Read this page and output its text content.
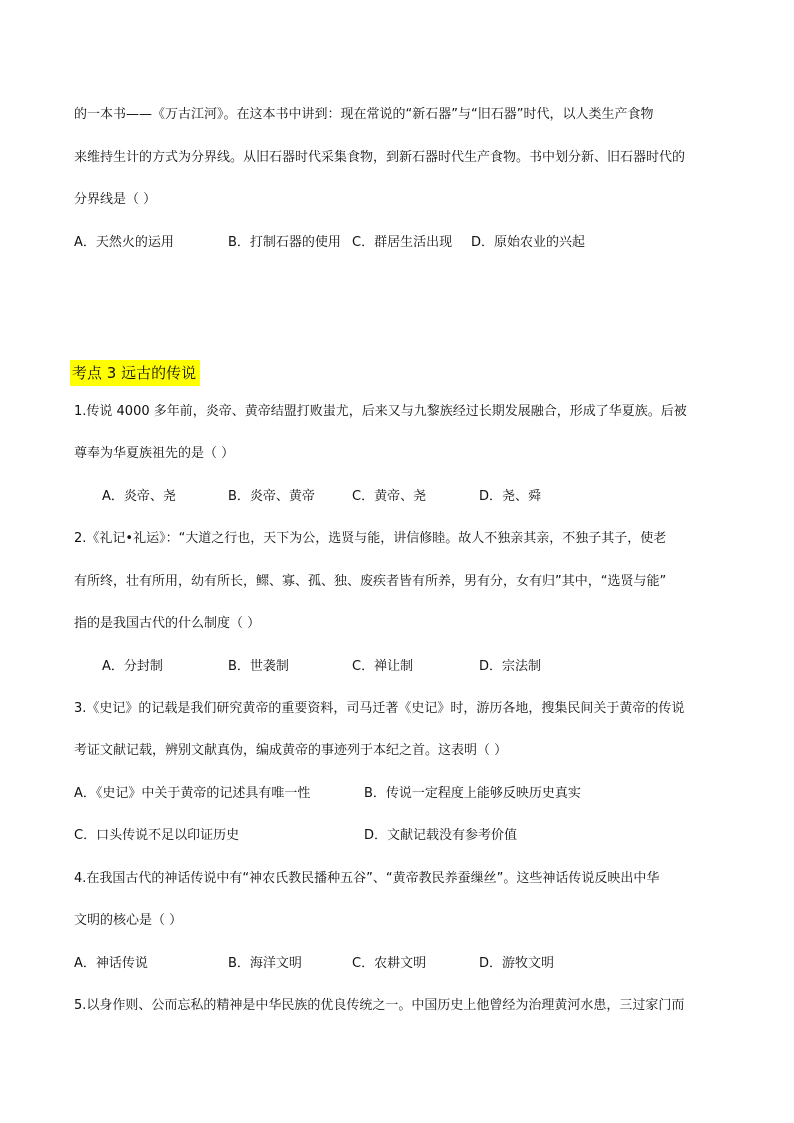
的一本书——《万古江河》。在这本书中讲到：现在常说的“新石器”与“旧石器”时代，以人类生产食物

来维持生计的方式为分界线。从旧石器时代采集食物，到新石器时代生产食物。书中划分新、旧石器时代的

分界线是（ ）

A．天然火的运用	B．打制石器的使用 C．群居生活出现 D．原始农业的兴起
考点 3 远古的传说

1.传说 4000 多年前，炎帝、黄帝结盟打败蚩尤，后来又与九黎族经过长期发展融合，形成了华夏族。后被

尊奉为华夏族祖先的是（ ）

A．炎帝、尧	B．炎帝、黄帝	C．黄帝、尧	D．尧、舜

2.《礼记•礼运》：“大道之行也，天下为公，选贤与能，讲信修睦。故人不独亲其亲，不独子其子，使老

有所终，壮有所用，幼有所长，鳏、寡、孤、独、废疾者皆有所养，男有分，女有归”其中，“选贤与能”

指的是我国古代的什么制度（ ）

A．分封制	B．世袭制	C．禅让制	D．宗法制

3.《史记》的记载是我们研究黄帝的重要资料，司马迁著《史记》时，游历各地，搜集民间关于黄帝的传说

考证文献记载，辨别文献真伪，编成黄帝的事迹列于本纪之首。这表明（ ）

A．《史记》中关于黄帝的记述具有唯一性	B．传说一定程度上能够反映历史真实
C．口头传说不足以印证历史	D．文献记载没有参考价值

4.在我国古代的神话传说中有“神农氏教民播种五谷”、“黄帝教民养蚕缫丝”。这些神话传说反映出中华

文明的核心是（ ）

A．神话传说	B．海洋文明	C．农耕文明	D．游牧文明

5.以身作则、公而忘私的精神是中华民族的优良传统之一。中国历史上他曾经为治理黄河水患，三过家门而
